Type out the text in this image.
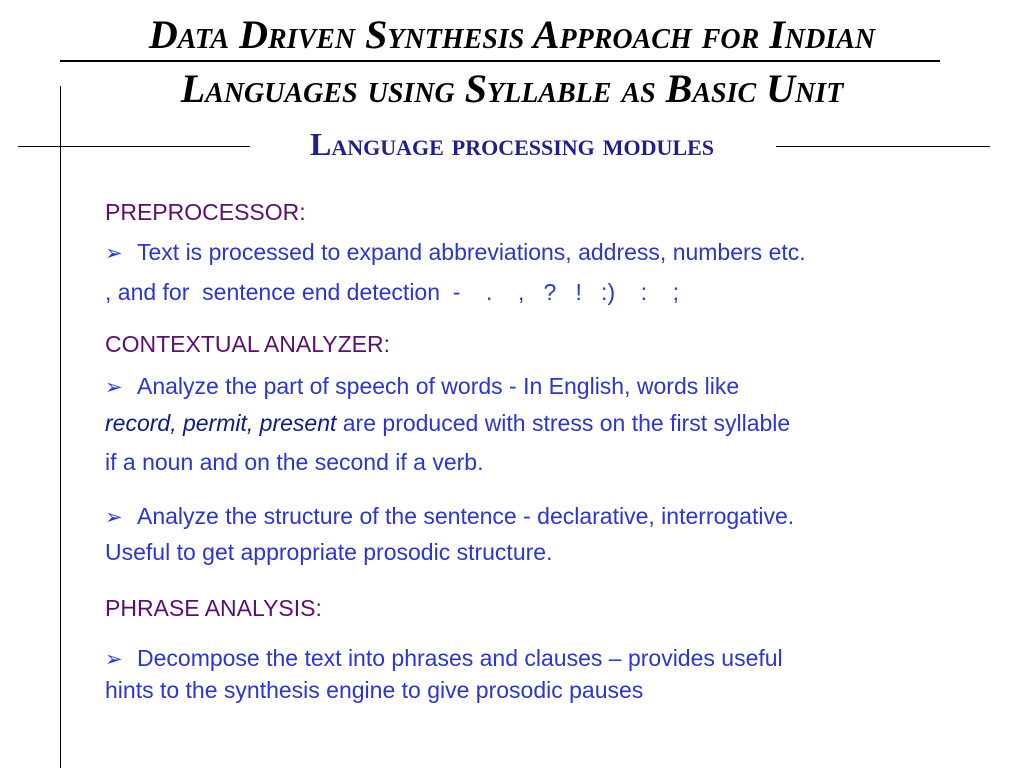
Data Driven Synthesis Approach for Indian
Languages using Syllable as Basic Unit
Language processing modules
PREPROCESSOR:
➢ Text is processed to expand abbreviations, address, numbers etc.
, and for  sentence end detection  -    .    ,   ?   !   :)    :    ;
CONTEXTUAL ANALYZER:
➢ Analyze the part of speech of words - In English, words like
record, permit, present are produced with stress on the first syllable
if a noun and on the second if a verb.
➢ Analyze the structure of the sentence - declarative, interrogative.
Useful to get appropriate prosodic structure.
PHRASE ANALYSIS:
➢ Decompose the text into phrases and clauses – provides useful
hints to the synthesis engine to give prosodic pauses
